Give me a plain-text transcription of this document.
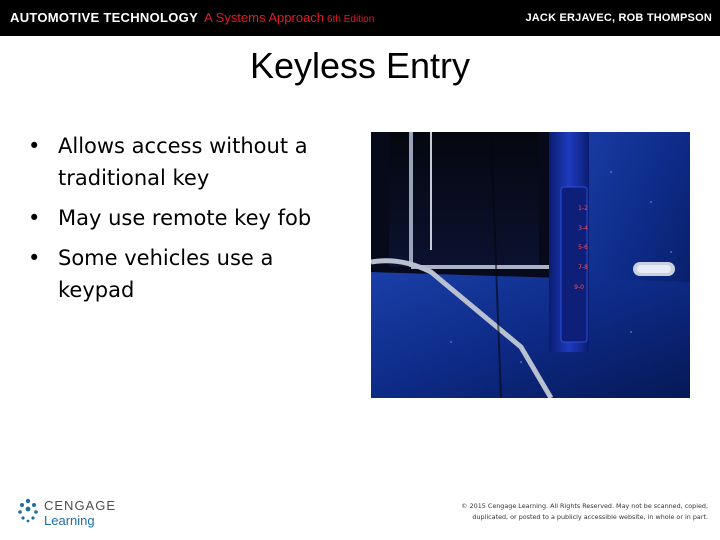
AUTOMOTIVE TECHNOLOGY A Systems Approach 6th Edition	JACK ERJAVEC, ROB THOMPSON
Keyless Entry
• Allows access without a traditional key
• May use remote key fob
• Some vehicles use a keypad
1-2
3-4
5-6
7-8
9-0
CENGAGE
Learning
© 2015 Cengage Learning. All Rights Reserved. May not be scanned, copied,
duplicated, or posted to a publicly accessible website, in whole or in part.
